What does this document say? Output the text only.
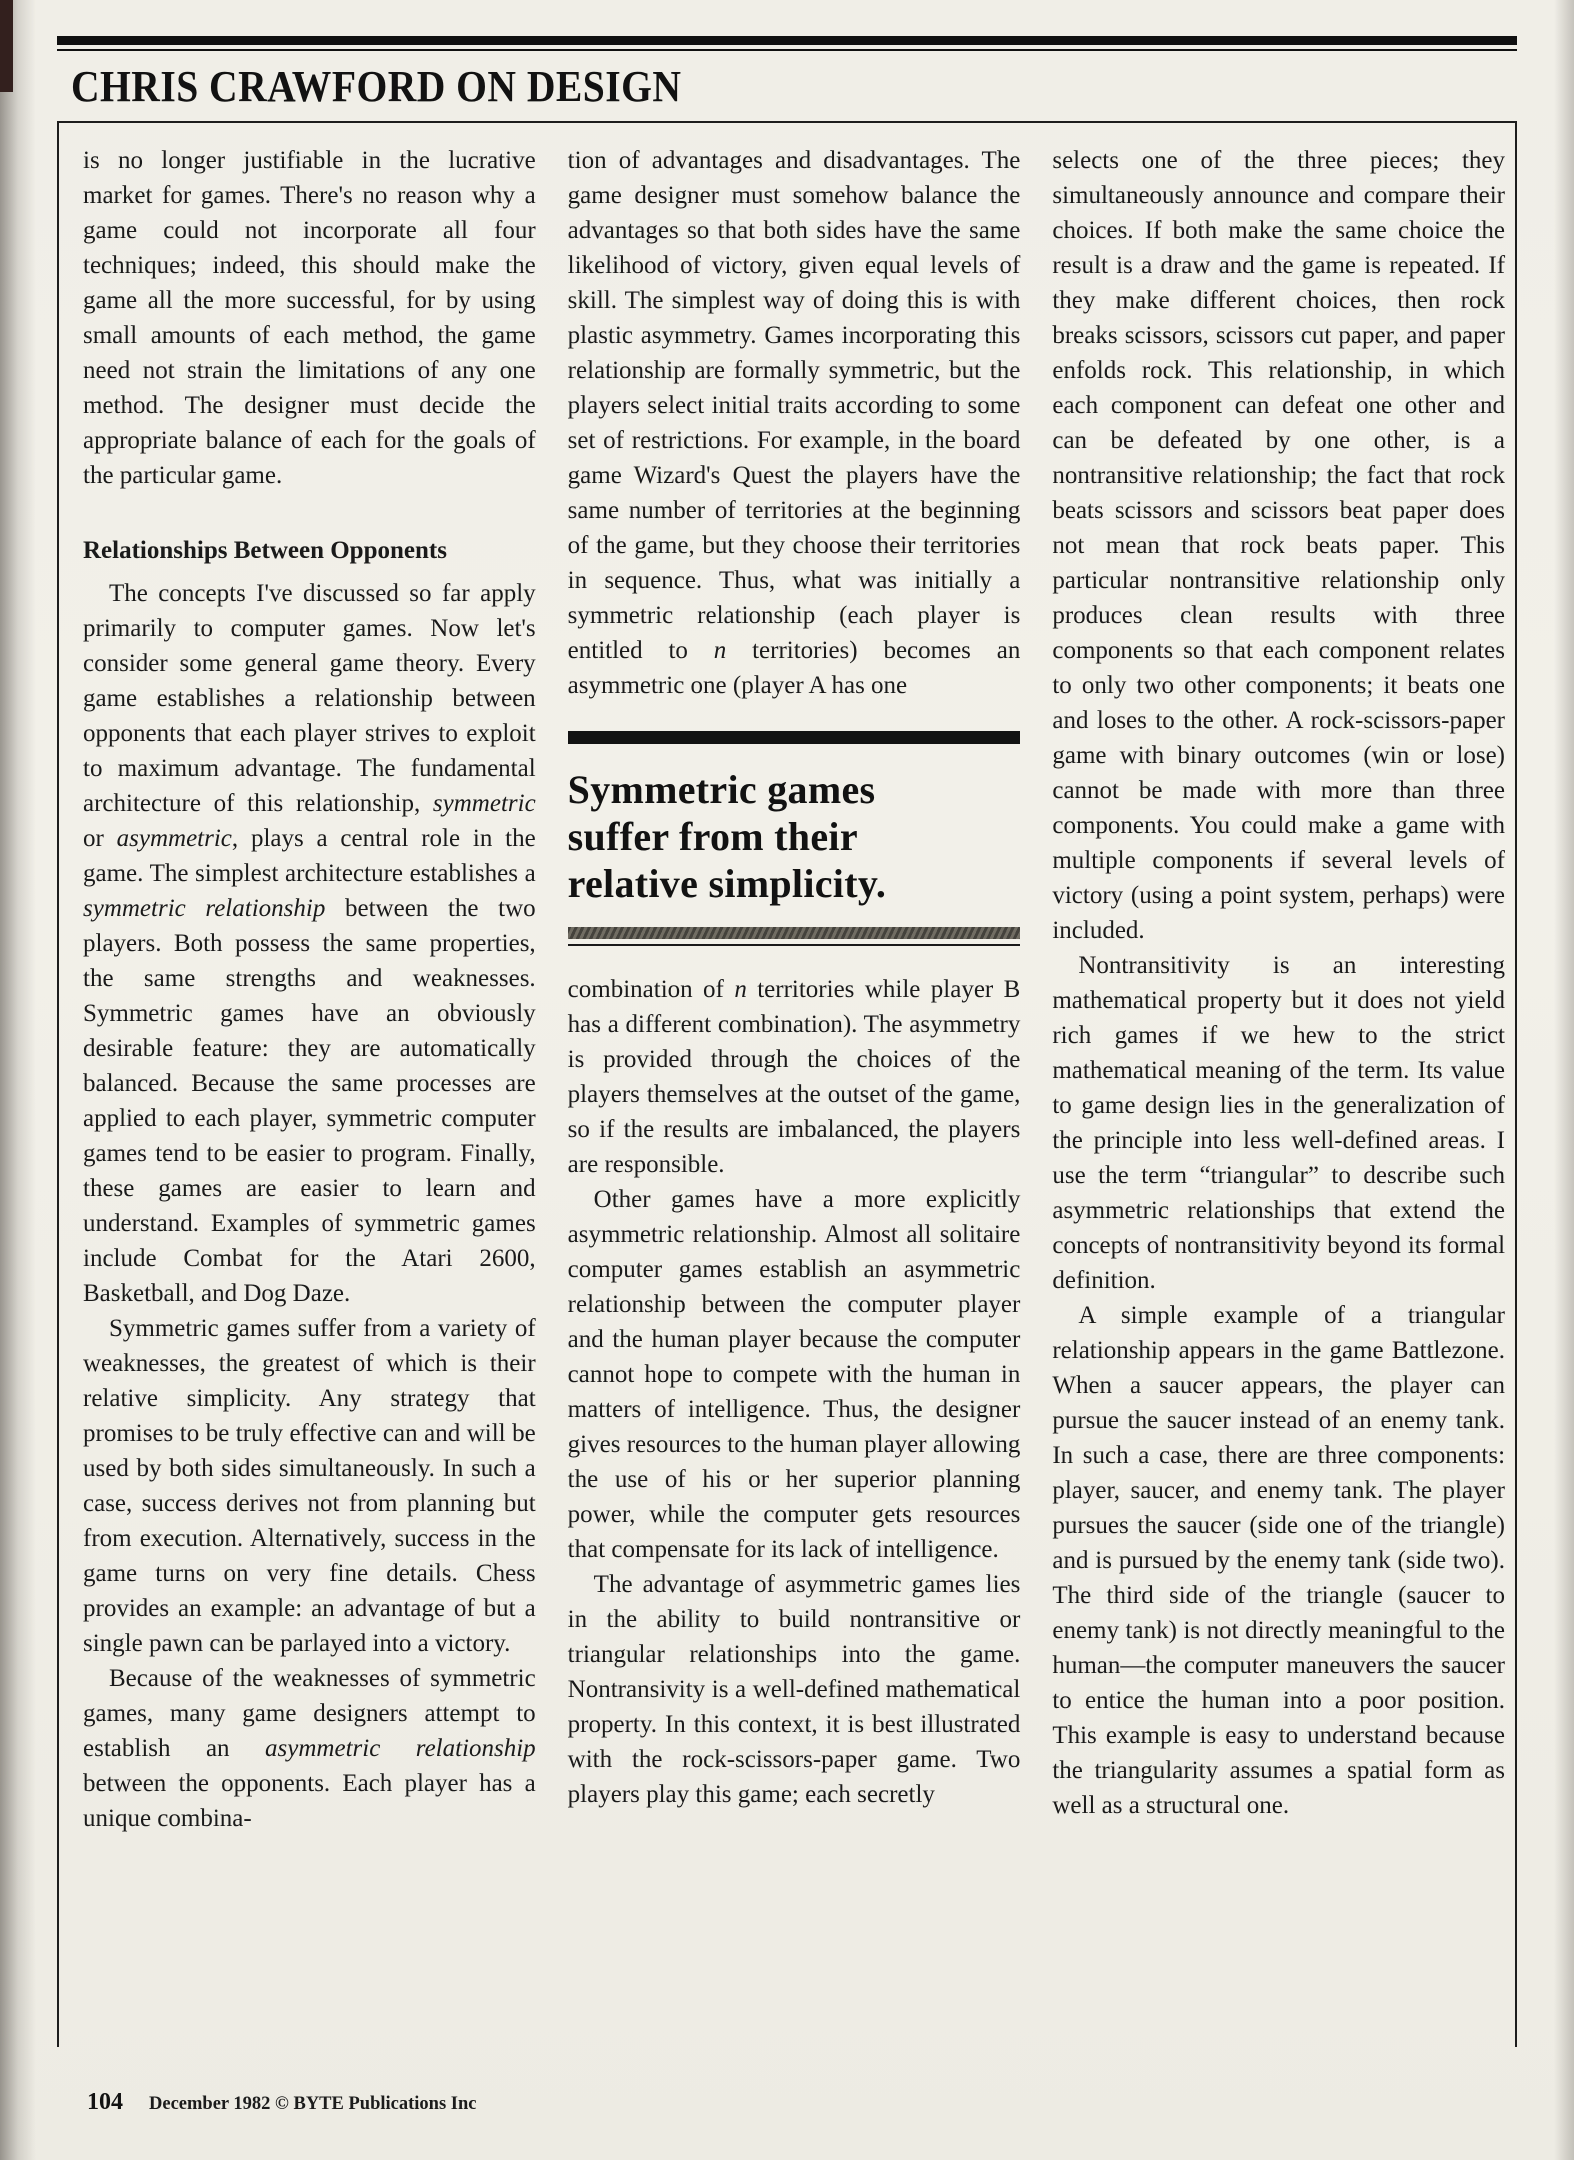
CHRIS CRAWFORD ON DESIGN

is no longer justifiable in the lucrative market for games. There's no reason why a game could not incorporate all four techniques; indeed, this should make the game all the more successful, for by using small amounts of each method, the game need not strain the limitations of any one method. The designer must decide the appropriate balance of each for the goals of the particular game.

Relationships Between Opponents

The concepts I've discussed so far apply primarily to computer games. Now let's consider some general game theory. Every game establishes a relationship between opponents that each player strives to exploit to maximum advantage. The fundamental architecture of this relationship, symmetric or asymmetric, plays a central role in the game. The simplest architecture establishes a symmetric relationship between the two players. Both possess the same properties, the same strengths and weaknesses. Symmetric games have an obviously desirable feature: they are automatically balanced. Because the same processes are applied to each player, symmetric computer games tend to be easier to program. Finally, these games are easier to learn and understand. Examples of symmetric games include Combat for the Atari 2600, Basketball, and Dog Daze.

Symmetric games suffer from a variety of weaknesses, the greatest of which is their relative simplicity. Any strategy that promises to be truly effective can and will be used by both sides simultaneously. In such a case, success derives not from planning but from execution. Alternatively, success in the game turns on very fine details. Chess provides an example: an advantage of but a single pawn can be parlayed into a victory.

Because of the weaknesses of symmetric games, many game designers attempt to establish an asymmetric relationship between the opponents. Each player has a unique combina-

tion of advantages and disadvantages. The game designer must somehow balance the advantages so that both sides have the same likelihood of victory, given equal levels of skill. The simplest way of doing this is with plastic asymmetry. Games incorporating this relationship are formally symmetric, but the players select initial traits according to some set of restrictions. For example, in the board game Wizard's Quest the players have the same number of territories at the beginning of the game, but they choose their territories in sequence. Thus, what was initially a symmetric relationship (each player is entitled to n territories) becomes an asymmetric one (player A has one

Symmetric games
suffer from their
relative simplicity.

combination of n territories while player B has a different combination). The asymmetry is provided through the choices of the players themselves at the outset of the game, so if the results are imbalanced, the players are responsible.

Other games have a more explicitly asymmetric relationship. Almost all solitaire computer games establish an asymmetric relationship between the computer player and the human player because the computer cannot hope to compete with the human in matters of intelligence. Thus, the designer gives resources to the human player allowing the use of his or her superior planning power, while the computer gets resources that compensate for its lack of intelligence.

The advantage of asymmetric games lies in the ability to build nontransitive or triangular relationships into the game. Nontransivity is a well-defined mathematical property. In this context, it is best illustrated with the rock-scissors-paper game. Two players play this game; each secretly

selects one of the three pieces; they simultaneously announce and compare their choices. If both make the same choice the result is a draw and the game is repeated. If they make different choices, then rock breaks scissors, scissors cut paper, and paper enfolds rock. This relationship, in which each component can defeat one other and can be defeated by one other, is a nontransitive relationship; the fact that rock beats scissors and scissors beat paper does not mean that rock beats paper. This particular nontransitive relationship only produces clean results with three components so that each component relates to only two other components; it beats one and loses to the other. A rock-scissors-paper game with binary outcomes (win or lose) cannot be made with more than three components. You could make a game with multiple components if several levels of victory (using a point system, perhaps) were included.

Nontransitivity is an interesting mathematical property but it does not yield rich games if we hew to the strict mathematical meaning of the term. Its value to game design lies in the generalization of the principle into less well-defined areas. I use the term “triangular” to describe such asymmetric relationships that extend the concepts of nontransitivity beyond its formal definition.

A simple example of a triangular relationship appears in the game Battlezone. When a saucer appears, the player can pursue the saucer instead of an enemy tank. In such a case, there are three components: player, saucer, and enemy tank. The player pursues the saucer (side one of the triangle) and is pursued by the enemy tank (side two). The third side of the triangle (saucer to enemy tank) is not directly meaningful to the human—the computer maneuvers the saucer to entice the human into a poor position. This example is easy to understand because the triangularity assumes a spatial form as well as a structural one.

104 December 1982 © BYTE Publications Inc
